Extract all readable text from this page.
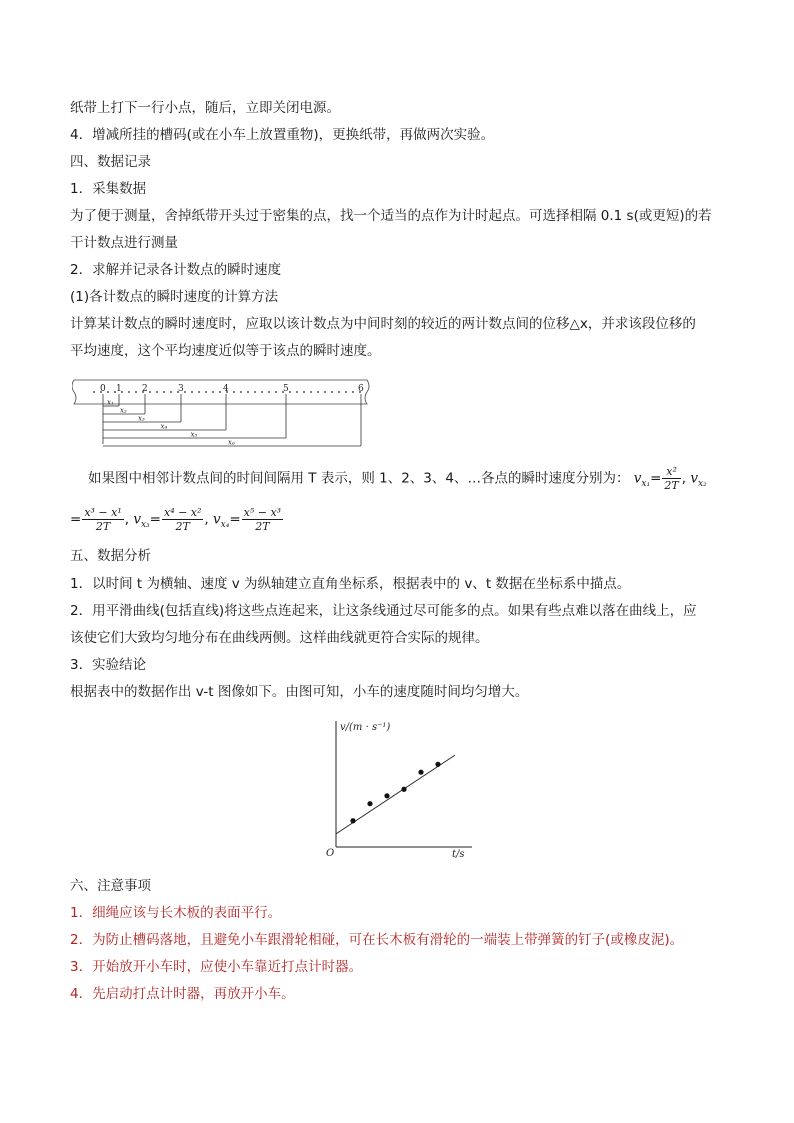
纸带上打下一行小点，随后，立即关闭电源。
4．增减所挂的槽码(或在小车上放置重物)，更换纸带，再做两次实验。
四、数据记录
1．采集数据
为了便于测量，舍掉纸带开头过于密集的点，找一个适当的点作为计时起点。可选择相隔 0.1 s(或更短)的若
干计数点进行测量
2．求解并记录各计数点的瞬时速度
(1)各计数点的瞬时速度的计算方法
计算某计数点的瞬时速度时，应取以该计数点为中间时刻的较近的两计数点间的位移△x，并求该段位移的
平均速度，这个平均速度近似等于该点的瞬时速度。
0 1 2	3	4	5	6
x₁
x₂
x₃
x₄
x₅
x₆
如果图中相邻计数点间的时间间隔用 T 表示，则 1、2、3、4、…各点的瞬时速度分别为： $v_{x_1}= \frac{\text{x²}}{2T}$ , $v_{x_2}$
= $\frac{\text{x³ − x¹}}{2T}$ , $v_{x_3}= \frac{\text{x⁴ − x²}}{2T}$ , $v_{x_4}= \frac{\text{x⁵ − x³}}{2T}$
五、数据分析
1．以时间 t 为横轴、速度 v 为纵轴建立直角坐标系，根据表中的 v、t 数据在坐标系中描点。
2．用平滑曲线(包括直线)将这些点连起来，让这条线通过尽可能多的点。如果有些点难以落在曲线上，应
该使它们大致均匀地分布在曲线两侧。这样曲线就更符合实际的规律。
3．实验结论
根据表中的数据作出 v-t 图像如下。由图可知，小车的速度随时间均匀增大。
v/(m · s⁻¹)
t/s
O
六、注意事项
1．细绳应该与长木板的表面平行。
2．为防止槽码落地，且避免小车跟滑轮相碰，可在长木板有滑轮的一端装上带弹簧的钉子(或橡皮泥)。
3．开始放开小车时，应使小车靠近打点计时器。
4．先启动打点计时器，再放开小车。
